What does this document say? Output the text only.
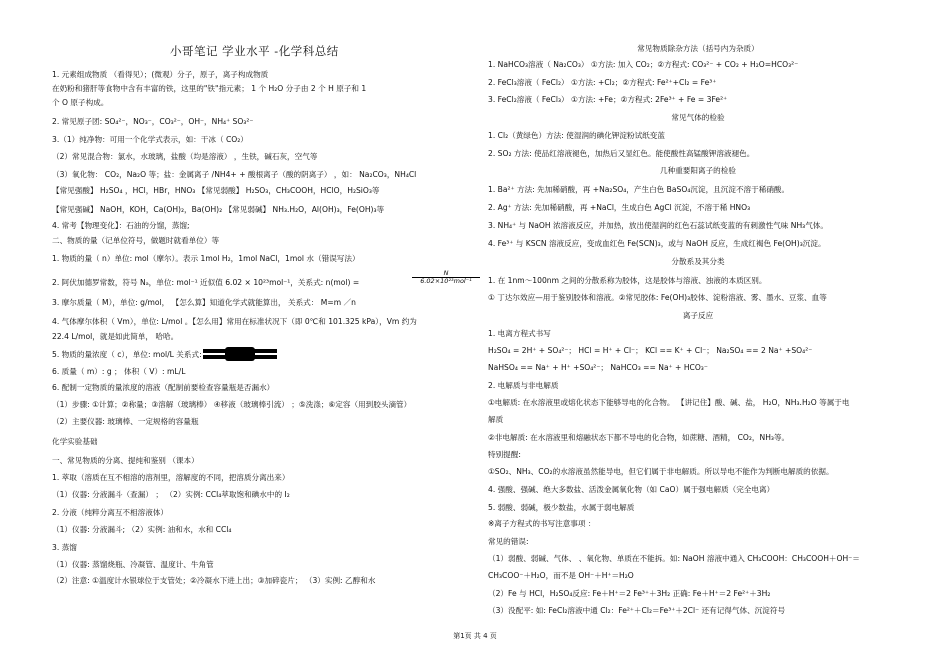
小哥笔记 学业水平 -化学科总结
1. 元素组成物质 （看得见）；(微观）分子，原子，离子构成物质
在奶粉和猪肝等食物中含有丰富的铁，这里的"铁"指元素； 1 个 H₂O 分子由 2 个 H 原子和 1
个 O 原子构成。
2. 常见原子团: SO₄²⁻，NO₃⁻，CO₃²⁻，OH⁻，NH₄⁺ SO₃²⁻
3.（1）纯净物：可用一个化学式表示，如：干冰（ CO₂）
（2）常见混合物：氯水，水玻璃，盐酸（均是溶液） ，生铁，碱石灰，空气等
（3）氧化物： CO₂，Na₂O 等；盐：金属离子 /NH4+ + 酸根离子（酸的阴离子） ，如： Na₂CO₃，NH₄Cl
【常见强酸】 H₂SO₄ ，HCl，HBr，HNO₃ 【常见弱酸】 H₂SO₃，CH₃COOH，HClO，H₂SiO₃等
【常见强碱】 NaOH，KOH，Ca(OH)₂，Ba(OH)₂ 【常见弱碱】 NH₃.H₂O，Al(OH)₃，Fe(OH)₃等
4. 常考【物理变化】：石油的分馏，蒸馏;
二、物质的量（记单位符号，做题时就看单位）等
1. 物质的量（ n）单位: mol（摩尔）。表示 1mol H₂，1mol NaCl，1mol 水（错误写法）
2. 阿伏加德罗常数，符号 Nₐ，单位: mol⁻¹ 近似值 6.02 × 10²³mol⁻¹，关系式: n(mol) =
3. 摩尔质量（ M），单位: g/mol， 【怎么算】知道化学式就能算出， 关系式： M=m ／n
4. 气体摩尔体积（ Vm），单位: L/mol 。【怎么用】常用在标准状况下（即 0℃和 101.325 kPa），Vm 约为
22.4 L/mol，就是如此简单， 哈哈。
5. 物质的量浓度（ c），单位: mol/L 关系式:
6. 质量（ m）: g ； 体积（ V）: mL/L
6. 配制一定物质的量浓度的溶液（配制前要检查容量瓶是否漏水）
（1）步骤: ①计算；②称量；③溶解（玻璃棒） ④移液（玻璃棒引流） ；⑤洗涤；⑥定容（用到胶头滴管）
（2）主要仪器: 玻璃棒、一定规格的容量瓶
化学实验基础
一、常见物质的分离、提纯和鉴别 （课本）
1. 萃取（溶质在互不相溶的溶剂里，溶解度的不同，把溶质分离出来）
（1）仪器: 分液漏斗（查漏） ； （2）实例: CCl₄萃取饱和碘水中的 I₂
2. 分液（纯粹分离互不相溶液体）
（1）仪器: 分液漏斗; （2）实例: 油和水，水和 CCl₄
3. 蒸馏
（1）仪器: 蒸馏烧瓶、冷凝管、温度计、牛角管
（2）注意: ①温度计水银球位于支管处；②冷凝水下进上出；③加碎瓷片； （3）实例: 乙醇和水
常见物质除杂方法（括号内为杂质）
1. NaHCO₃溶液（ Na₂CO₃） ①方法: 加入 CO₂；②方程式: CO₃²⁻ + CO₂ + H₂O=HCO₃²⁻
2. FeCl₃溶液（ FeCl₂） ①方法: +Cl₂；②方程式: Fe²⁺+Cl₂ = Fe³⁺
3. FeCl₂溶液（ FeCl₃） ①方法: +Fe；②方程式: 2Fe³⁺ + Fe = 3Fe²⁺
常见气体的检验
1. Cl₂（黄绿色）方法: 使湿润的碘化钾淀粉试纸变蓝
2. SO₂ 方法: 使品红溶液褪色，加热后又显红色。能使酸性高锰酸钾溶液褪色。
几种重要阳离子的检验
1. Ba²⁺ 方法: 先加稀硝酸，再 +Na₂SO₄，产生白色 BaSO₄沉淀，且沉淀不溶于稀硝酸。
2. Ag⁺ 方法: 先加稀硝酸，再 +NaCl，生成白色 AgCl 沉淀，不溶于稀 HNO₃
3. NH₄⁺ 与 NaOH 浓溶液反应，并加热，放出使湿润的红色石蕊试纸变蓝的有刺激性气味 NH₃气体。
4. Fe³⁺ 与 KSCN 溶液反应，变成血红色 Fe(SCN)₃，或与 NaOH 反应，生成红褐色 Fe(OH)₃沉淀。
分散系及其分类
1. 在 1nm～100nm 之间的分散系称为胶体，这是胶体与溶液、浊液的本质区别。
① 丁达尔效应—用于鉴别胶体和溶液。②常见胶体: Fe(OH)₃胶体、淀粉溶液、雾、墨水、豆浆、血等
离子反应
1. 电离方程式书写
H₂SO₄ = 2H⁺ + SO₄²⁻； HCl = H⁺ + Cl⁻； KCl == K⁺ + Cl⁻； Na₂SO₄ == 2 Na⁺ +SO₄²⁻
NaHSO₄ == Na⁺ + H⁺ +SO₄²⁻； NaHCO₃ == Na⁺ + HCO₃⁻
2. 电解质与非电解质
①电解质: 在水溶液里或熔化状态下能够导电的化合物。 【讲记住】酸、碱、盐， H₂O，NH₃.H₂O 等属于电
解质
②非电解质: 在水溶液里和熔融状态下都不导电的化合物，如蔗糖、酒精， CO₂，NH₃等。
特别提醒:
①SO₂、NH₃、CO₂的水溶液虽然能导电，但它们属于非电解质。所以导电不能作为判断电解质的依据。
4. 强酸、强碱、绝大多数盐、活泼金属氧化物（如 CaO）属于强电解质（完全电离）
5. 弱酸、弱碱，极少数盐，水属于弱电解质
※离子方程式的书写注意事项 ：
常见的错误:
（1）弱酸、弱碱、气体、 、氧化物、单质在不能拆。如: NaOH 溶液中通入 CH₃COOH：CH₃COOH＋OH⁻＝
CH₃COO⁻＋H₂O，而不是 OH⁻＋H⁺＝H₂O
（2）Fe 与 HCl，H₂SO₄反应: Fe＋H⁺＝2 Fe³⁺＋3H₂ 正确: Fe＋H⁺＝2 Fe²⁺＋3H₂
（3）没配平: 如: FeCl₂溶液中通 Cl₂：Fe²⁺＋Cl₂＝Fe³⁺＋2Cl⁻ 还有记得气体、沉淀符号
N
6.02×10²³mol⁻¹
第1页 共 4 页
